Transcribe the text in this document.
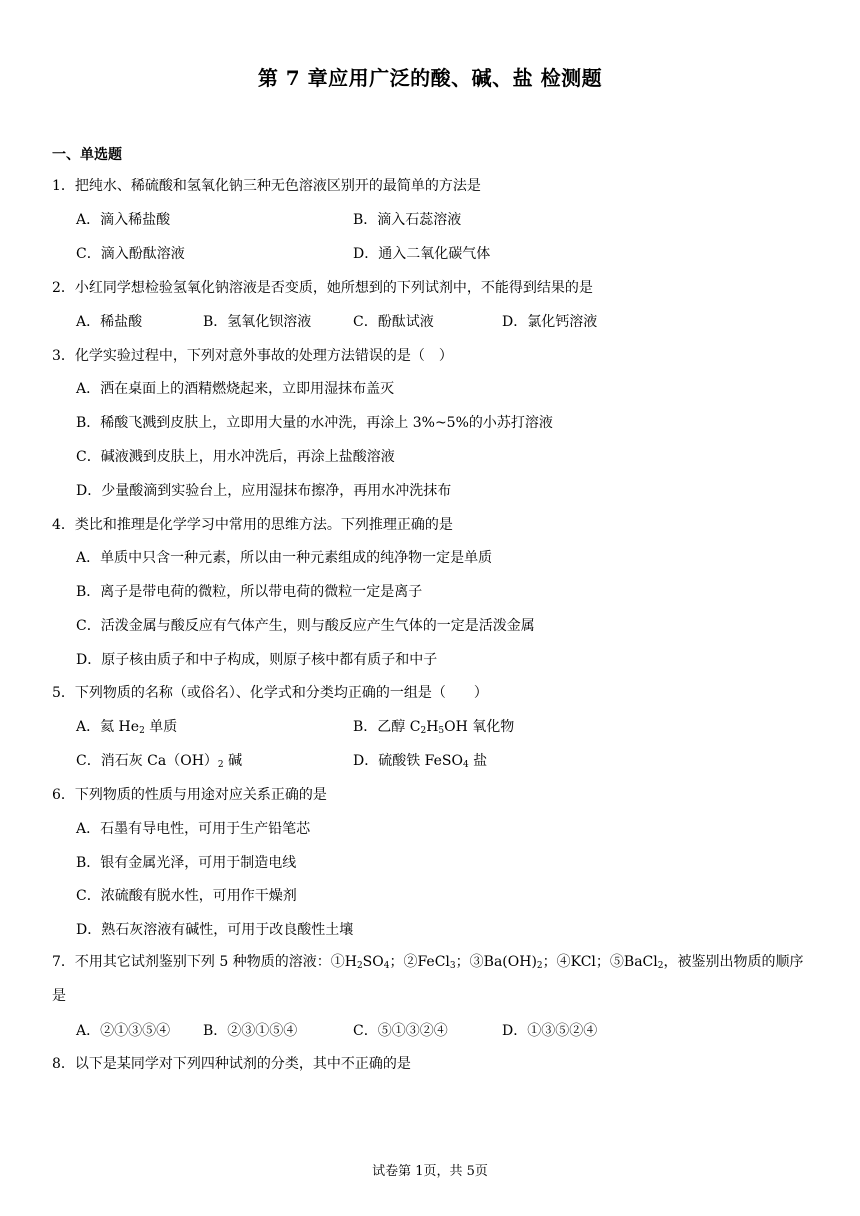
第 7 章应用广泛的酸、碱、盐 检测题
一、单选题
1．把纯水、稀硫酸和氢氧化钠三种无色溶液区别开的最简单的方法是
A．滴入稀盐酸	B．滴入石蕊溶液
C．滴入酚酞溶液	D．通入二氧化碳气体
2．小红同学想检验氢氧化钠溶液是否变质，她所想到的下列试剂中，不能得到结果的是
A．稀盐酸	B．氢氧化钡溶液	C．酚酞试液	D．氯化钙溶液
3．化学实验过程中，下列对意外事故的处理方法错误的是（　）
A．洒在桌面上的酒精燃烧起来，立即用湿抹布盖灭
B．稀酸飞溅到皮肤上，立即用大量的水冲洗，再涂上 3%~5%的小苏打溶液
C．碱液溅到皮肤上，用水冲洗后，再涂上盐酸溶液
D．少量酸滴到实验台上，应用湿抹布擦净，再用水冲洗抹布
4．类比和推理是化学学习中常用的思维方法。下列推理正确的是
A．单质中只含一种元素，所以由一种元素组成的纯净物一定是单质
B．离子是带电荷的微粒，所以带电荷的微粒一定是离子
C．活泼金属与酸反应有气体产生，则与酸反应产生气体的一定是活泼金属
D．原子核由质子和中子构成，则原子核中都有质子和中子
5．下列物质的名称（或俗名）、化学式和分类均正确的一组是（　　）
A．氦 $He_2$ 单质	B．乙醇 $C_2H_5OH$ 氧化物
C．消石灰 $Ca(OH)_2$ 碱	D．硫酸铁 FeSO$_4$ 盐
6．下列物质的性质与用途对应关系正确的是
A．石墨有导电性，可用于生产铅笔芯
B．银有金属光泽，可用于制造电线
C．浓硫酸有脱水性，可用作干燥剂
D．熟石灰溶液有碱性，可用于改良酸性土壤
7．不用其它试剂鉴别下列 5 种物质的溶液：$①H_2SO_4$；②FeCl$_3$；$③Ba(OH)_2$；④KCl；⑤BaCl$_2$，被鉴别出物质的顺序是
A．②①③⑤④ B．②③①⑤④	C．⑤①③②④	D．①③⑤②④
8．以下是某同学对下列四种试剂的分类，其中不正确的是
试卷第 1页，共 5页
